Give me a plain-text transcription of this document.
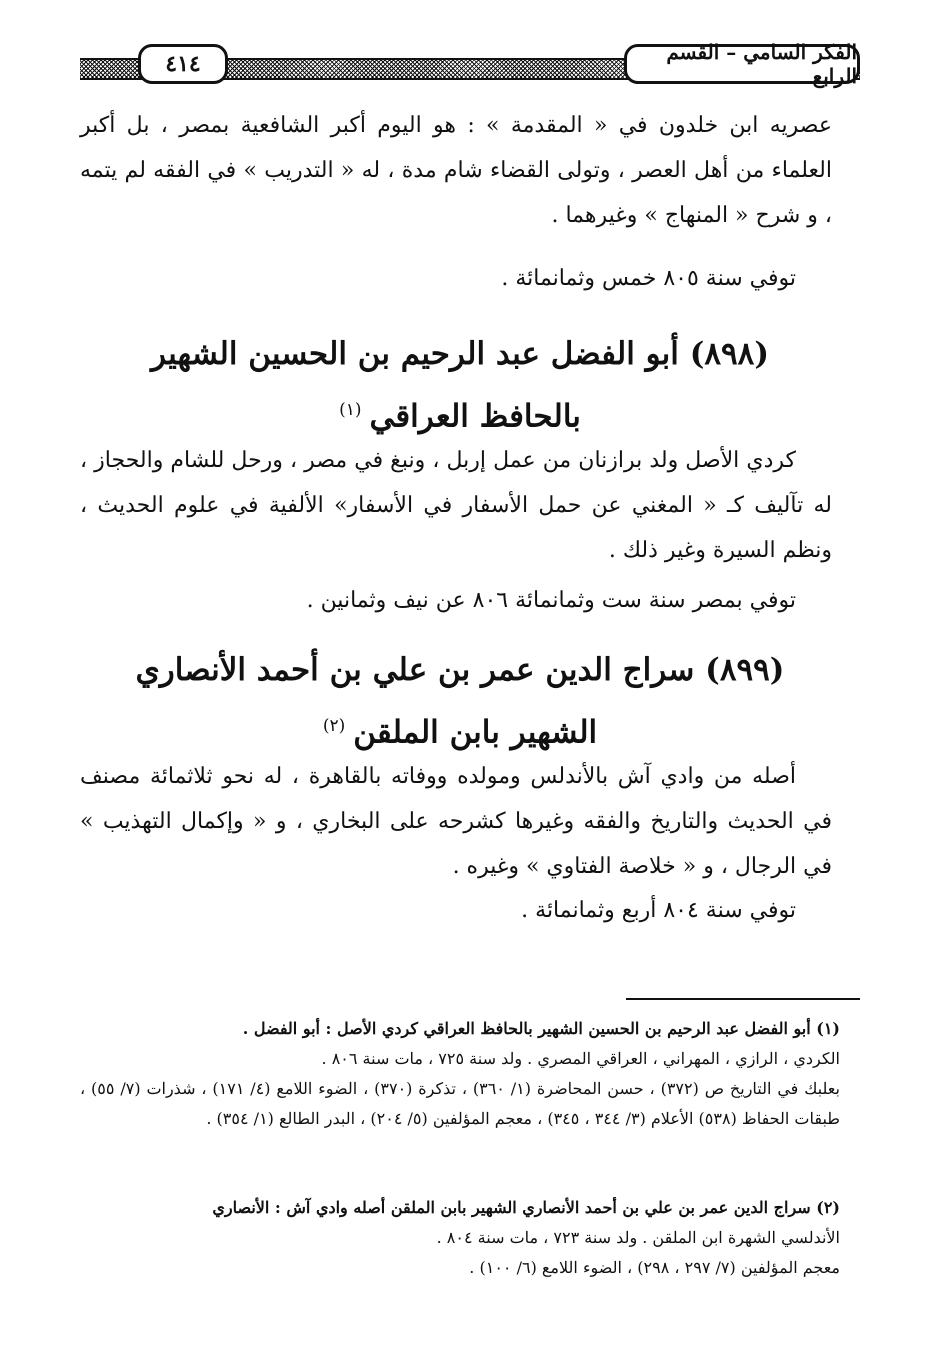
الفكر السامي – القسم الرابع
٤١٤

عصريه ابن خلدون في « المقدمة » : هو اليوم أكبر الشافعية بمصر ، بل أكبر العلماء من أهل العصر ، وتولى القضاء شام مدة ، له « التدريب » في الفقه لم يتمه ، و شرح « المنهاج » وغيرهما .

توفي سنة ٨٠٥ خمس وثمانمائة .

(٨٩٨) أبو الفضل عبد الرحيم بن الحسين الشهير
بالحافظ العراقي$^{(١)}$

كردي الأصل ولد برازنان من عمل إربل ، ونبغ في مصر ، ورحل للشام والحجاز ، له تآليف كـ « المغني عن حمل الأسفار في الأسفار» الألفية في علوم الحديث ، ونظم السيرة وغير ذلك .

توفي بمصر سنة ست وثمانمائة ٨٠٦ عن نيف وثمانين .

(٨٩٩) سراج الدين عمر بن علي بن أحمد الأنصاري
الشهير بابن الملقن$^{(٢)}$

أصله من وادي آش بالأندلس ومولده ووفاته بالقاهرة ، له نحو ثلاثمائة مصنف في الحديث والتاريخ والفقه وغيرها كشرحه على البخاري ، و « وإكمال التهذيب » في الرجال ، و « خلاصة الفتاوي » وغيره .

توفي سنة ٨٠٤ أربع وثمانمائة .

(١) أبو الفضل عبد الرحيم بن الحسين الشهير بالحافظ العراقي كردي الأصل : أبو الفضل .
الكردي ، الرازي ، المهراني ، العراقي المصري . ولد سنة ٧٢٥ ، مات سنة ٨٠٦ .
بعلبك في التاريخ ص (٣٧٢) ، حسن المحاضرة (١/ ٣٦٠) ، تذكرة (٣٧٠) ، الضوء اللامع (٤/ ١٧١) ، شذرات (٧/ ٥٥) ، طبقات الحفاظ (٥٣٨) الأعلام (٣/ ٣٤٤ ، ٣٤٥) ، معجم المؤلفين (٥/ ٢٠٤) ، البدر الطالع (١/ ٣٥٤) .
(٢) سراج الدين عمر بن علي بن أحمد الأنصاري الشهير بابن الملقن أصله وادي آش : الأنصاري
الأندلسي الشهرة ابن الملقن . ولد سنة ٧٢٣ ، مات سنة ٨٠٤ .
معجم المؤلفين (٧/ ٢٩٧ ، ٢٩٨) ، الضوء اللامع (٦/ ١٠٠) .
